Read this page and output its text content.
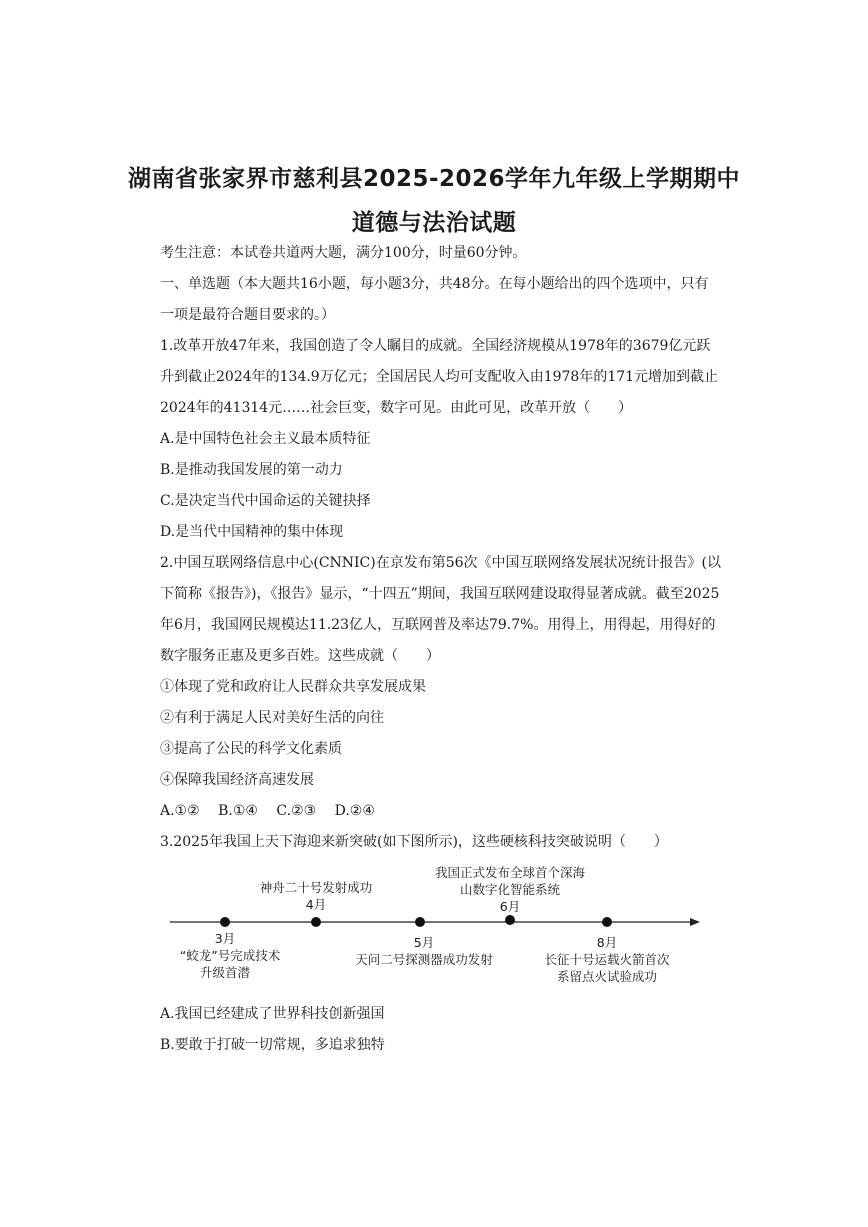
湖南省张家界市慈利县2025-2026学年九年级上学期期中
道德与法治试题
考生注意：本试卷共道两大题，满分100分，时量60分钟。
一、单选题（本大题共16小题，每小题3分，共48分。在每小题给出的四个选项中，只有
一项是最符合题目要求的。）
1.改革开放47年来，我国创造了令人瞩目的成就。全国经济规模从1978年的3679亿元跃
升到截止2024年的134.9万亿元；全国居民人均可支配收入由1978年的171元增加到截止
2024年的41314元……社会巨变，数字可见。由此可见，改革开放（　　）
A.是中国特色社会主义最本质特征
B.是推动我国发展的第一动力
C.是决定当代中国命运的关键抉择
D.是当代中国精神的集中体现
2.中国互联网络信息中心(CNNIC)在京发布第56次《中国互联网络发展状况统计报告》(以
下简称《报告》)，《报告》显示，“十四五”期间，我国互联网建设取得显著成就。截至2025
年6月，我国网民规模达11.23亿人，互联网普及率达79.7%。用得上，用得起，用得好的
数字服务正惠及更多百姓。这些成就（　　）
①体现了党和政府让人民群众共享发展成果
②有利于满足人民对美好生活的向往
③提高了公民的科学文化素质
④保障我国经济高速发展
A.①②　 B.①④　 C.②③　 D.②④
3.2025年我国上天下海迎来新突破(如下图所示)，这些硬核科技突破说明（　　）
神舟二十号发射成功
4月
我国正式发布全球首个深海
山数字化智能系统
6月
3月
“蛟龙”号完成技术
升级首潜
5月
天问二号探测器成功发射
8月
长征十号运载火箭首次
系留点火试验成功
A.我国已经建成了世界科技创新强国
B.要敢于打破一切常规，多追求独特
